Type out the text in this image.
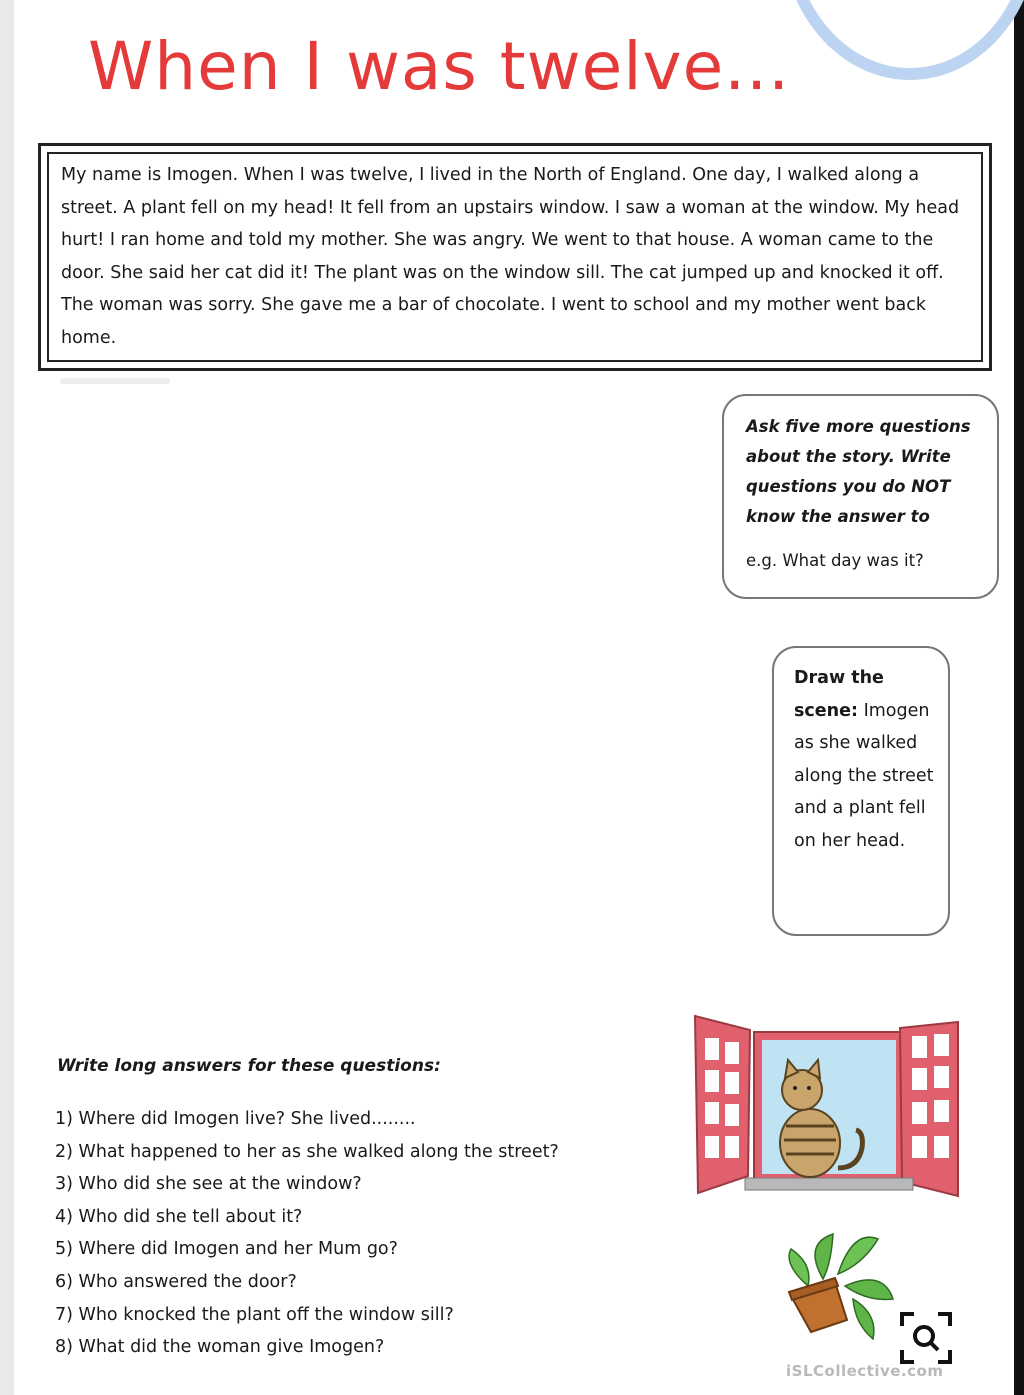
When I was twelve...

My name is Imogen. When I was twelve, I lived in the North of England. One day, I walked along a street. A plant fell on my head! It fell from an upstairs window. I saw a woman at the window. My head hurt! I ran home and told my mother. She was angry. We went to that house. A woman came to the door. She said her cat did it! The plant was on the window sill. The cat jumped up and knocked it off. The woman was sorry. She gave me a bar of chocolate. I went to school and my mother went back home.

Ask five more questions about the story. Write questions you do NOT know the answer to

e.g. What day was it?

Draw the scene: Imogen as she walked along the street and a plant fell on her head.

Write long answers for these questions:

1) Where did Imogen live? She lived........
2) What happened to her as she walked along the street?
3) Who did she see at the window?
4) Who did she tell about it?
5) Where did Imogen and her Mum go?
6) Who answered the door?
7) Who knocked the plant off the window sill?
8) What did the woman give Imogen?

iSLCollective.com
